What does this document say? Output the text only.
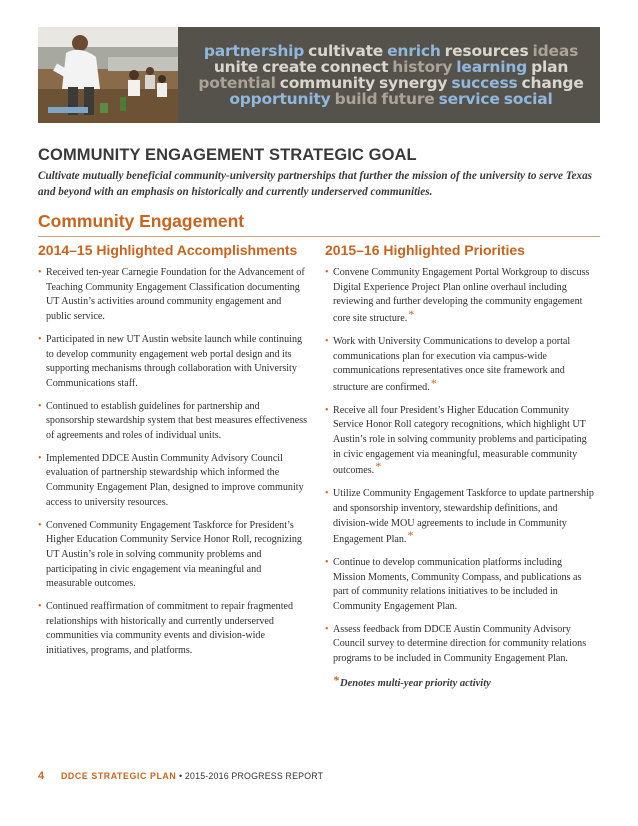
partnership cultivate enrich resources ideas
unite create connect history learning plan
potential community synergy success change
opportunity build future service social
COMMUNITY ENGAGEMENT STRATEGIC GOAL

Cultivate mutually beneficial community-university partnerships that further the mission of the university to serve Texas and beyond with an emphasis on historically and currently underserved communities.

Community Engagement
2014–15 Highlighted Accomplishments
• Received ten-year Carnegie Foundation for the Advancement of Teaching Community Engagement Classification documenting UT Austin’s activities around community engagement and public service.
• Participated in new UT Austin website launch while continuing to develop community engagement web portal design and its supporting mechanisms through collaboration with University Communications staff.
• Continued to establish guidelines for partnership and sponsorship stewardship system that best measures effectiveness of agreements and roles of individual units.
• Implemented DDCE Austin Community Advisory Council evaluation of partnership stewardship which informed the Community Engagement Plan, designed to improve community access to university resources.
• Convened Community Engagement Taskforce for President’s Higher Education Community Service Honor Roll, recognizing UT Austin’s role in solving community problems and participating in civic engagement via meaningful and measurable outcomes.
• Continued reaffirmation of commitment to repair fragmented relationships with historically and currently underserved communities via community events and division-wide initiatives, programs, and platforms.
2015–16 Highlighted Priorities
• Convene Community Engagement Portal Workgroup to discuss Digital Experience Project Plan online overhaul including reviewing and further developing the community engagement core site structure.*
• Work with University Communications to develop a portal communications plan for execution via campus-wide communications representatives once site framework and structure are confirmed.*
• Receive all four President’s Higher Education Community Service Honor Roll category recognitions, which highlight UT Austin’s role in solving community problems and participating in civic engagement via meaningful, measurable community outcomes.*
• Utilize Community Engagement Taskforce to update partnership and sponsorship inventory, stewardship definitions, and division-wide MOU agreements to include in Community Engagement Plan.*
• Continue to develop communication platforms including Mission Moments, Community Compass, and publications as part of community relations initiatives to be included in Community Engagement Plan.
• Assess feedback from DDCE Austin Community Advisory Council survey to determine direction for community relations programs to be included in Community Engagement Plan.

*Denotes multi-year priority activity

4 DDCE STRATEGIC PLAN • 2015-2016 PROGRESS REPORT
